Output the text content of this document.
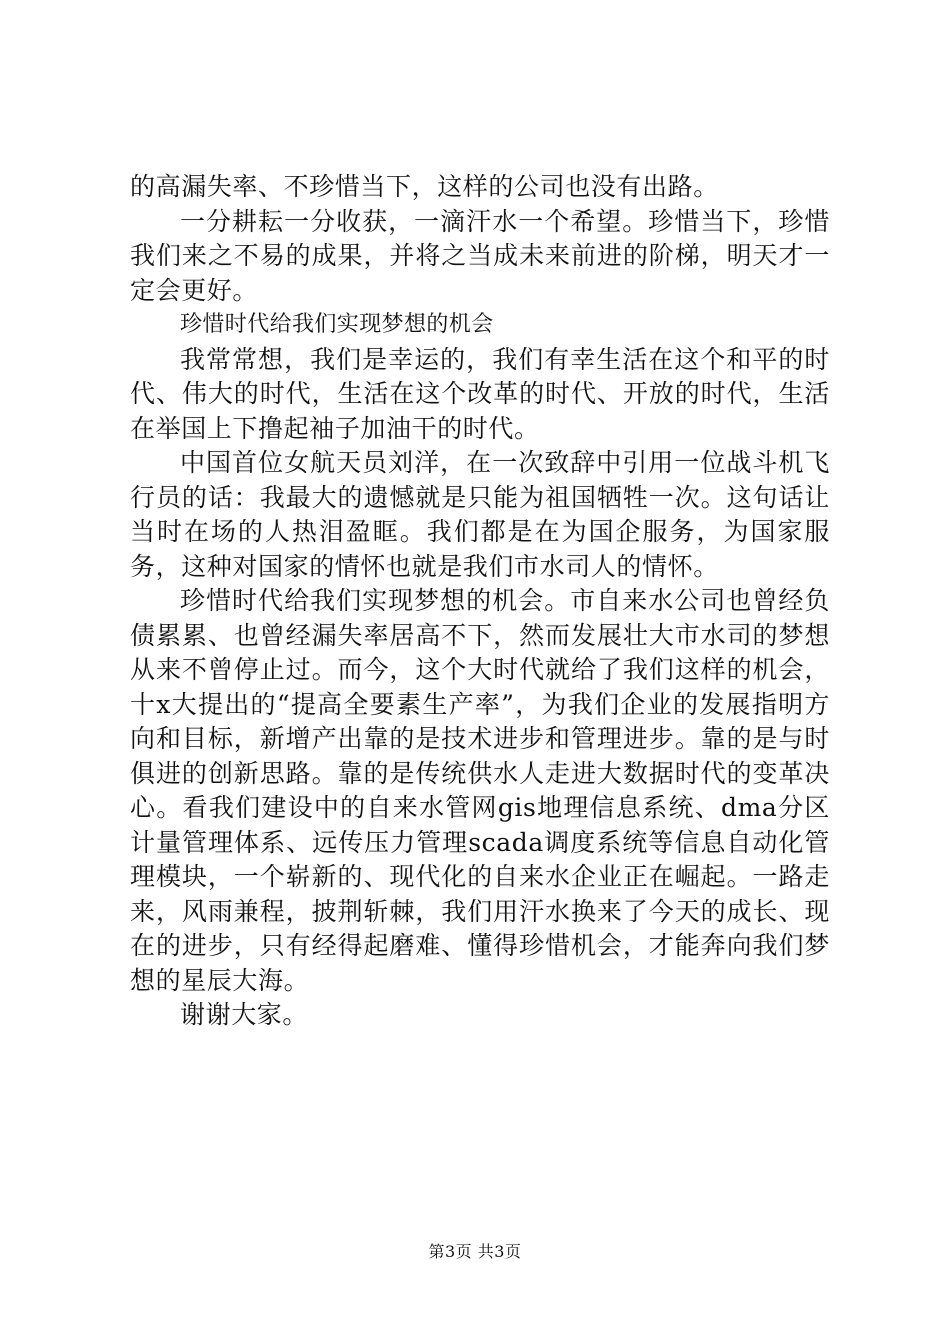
的高漏失率、不珍惜当下，这样的公司也没有出路。

一分耕耘一分收获，一滴汗水一个希望。珍惜当下，珍惜我们来之不易的成果，并将之当成未来前进的阶梯，明天才一定会更好。

珍惜时代给我们实现梦想的机会

我常常想，我们是幸运的，我们有幸生活在这个和平的时代、伟大的时代，生活在这个改革的时代、开放的时代，生活在举国上下撸起袖子加油干的时代。

中国首位女航天员刘洋，在一次致辞中引用一位战斗机飞行员的话：我最大的遗憾就是只能为祖国牺牲一次。这句话让当时在场的人热泪盈眶。我们都是在为国企服务，为国家服务，这种对国家的情怀也就是我们市水司人的情怀。

珍惜时代给我们实现梦想的机会。市自来水公司也曾经负债累累、也曾经漏失率居高不下，然而发展壮大市水司的梦想从来不曾停止过。而今，这个大时代就给了我们这样的机会，十x大提出的“提高全要素生产率”，为我们企业的发展指明方向和目标，新增产出靠的是技术进步和管理进步。靠的是与时俱进的创新思路。靠的是传统供水人走进大数据时代的变革决心。看我们建设中的自来水管网gis地理信息系统、dma分区计量管理体系、远传压力管理scada调度系统等信息自动化管理模块，一个崭新的、现代化的自来水企业正在崛起。一路走来，风雨兼程，披荆斩棘，我们用汗水换来了今天的成长、现在的进步，只有经得起磨难、懂得珍惜机会，才能奔向我们梦想的星辰大海。

谢谢大家。

第3页 共3页
